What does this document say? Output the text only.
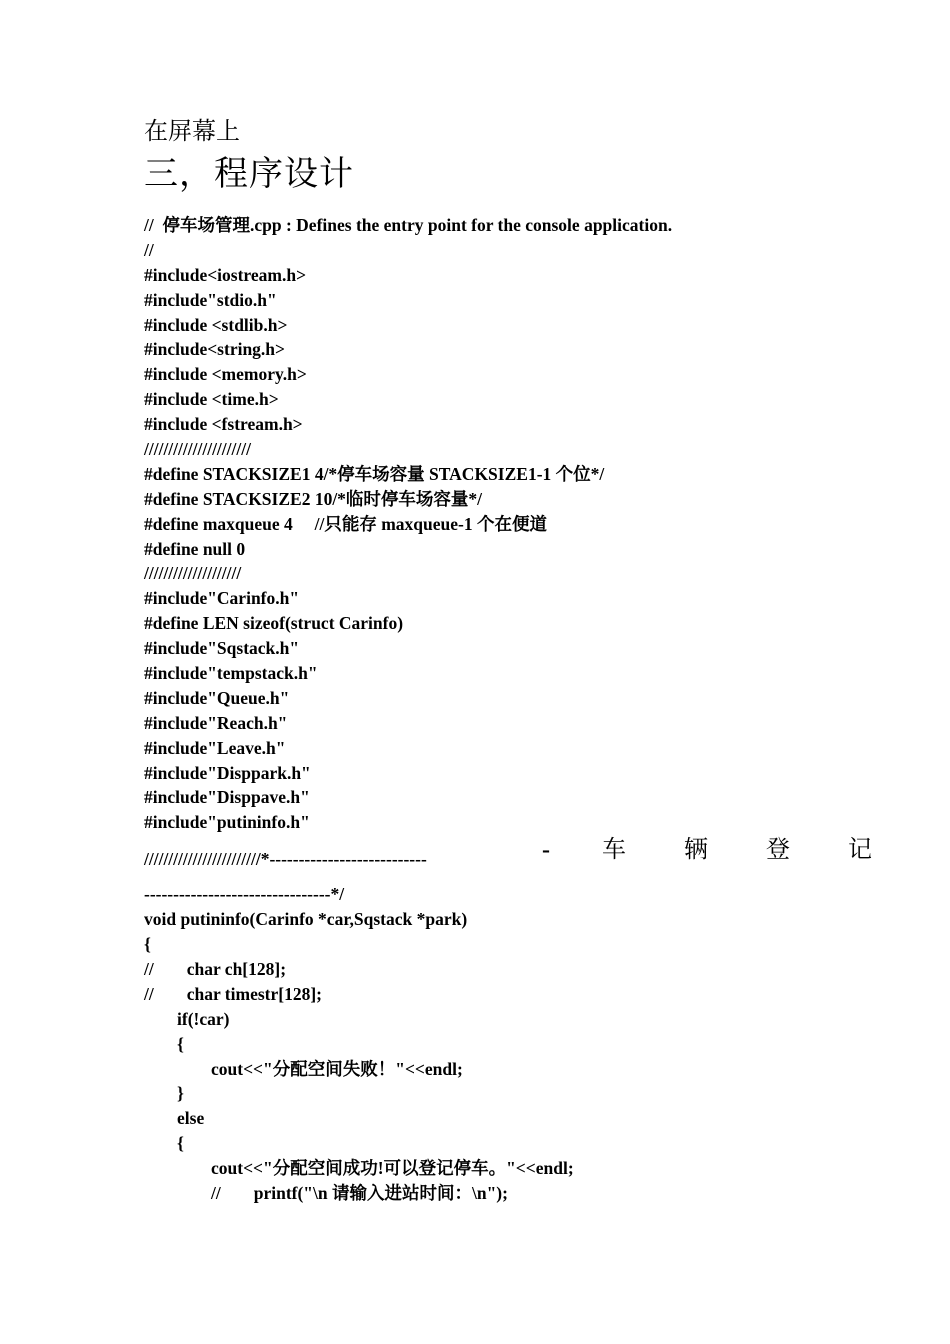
在屏幕上
三，程序设计
//  停车场管理.cpp : Defines the entry point for the console application.
//
#include<iostream.h>
#include"stdio.h"
#include <stdlib.h>
#include<string.h>
#include <memory.h>
#include <time.h>
#include <fstream.h>
//////////////////////
#define STACKSIZE1 4/*停车场容量 STACKSIZE1-1 个位*/
#define STACKSIZE2 10/*临时停车场容量*/
#define maxqueue 4     //只能存 maxqueue-1 个在便道
#define null 0
////////////////////
#include"Carinfo.h"
#define LEN sizeof(struct Carinfo)
#include"Sqstack.h"
#include"tempstack.h"
#include"Queue.h"
#include"Reach.h"
#include"Leave.h"
#include"Disppark.h"
#include"Disppave.h"
#include"putininfo.h"

////////////////////////*---------------------------

	- 车 辆 登 记

--------------------------------*/
void putininfo(Carinfo *car,Sqstack *park)
{
// char ch[128];
// char timestr[128];
if(!car)
{
cout<<"分配空间失败！"<<endl;
}
else
{
cout<<"分配空间成功!可以登记停车。"<<endl;
// printf("\n 请输入进站时间：\n");
